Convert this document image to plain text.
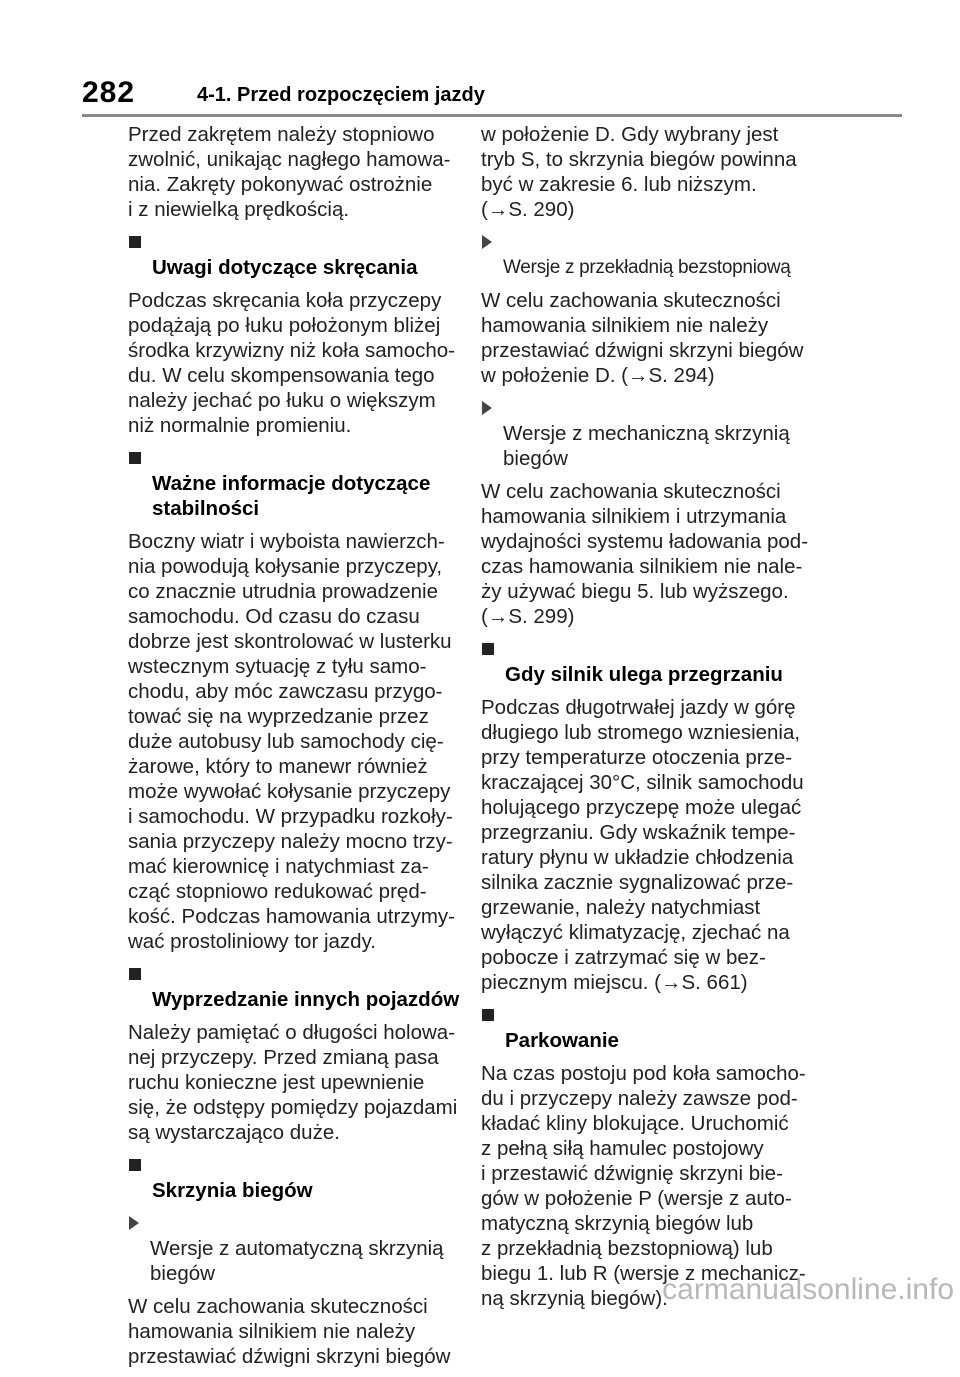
282	4-1. Przed rozpoczęciem jazdy

Przed zakrętem należy stopniowo
zwolnić, unikając nagłego hamowa-
nia. Zakręty pokonywać ostrożnie
i z niewielką prędkością.

Uwagi dotyczące skręcania

Podczas skręcania koła przyczepy
podążają po łuku położonym bliżej
środka krzywizny niż koła samocho-
du. W celu skompensowania tego
należy jechać po łuku o większym
niż normalnie promieniu.

Ważne informacje dotyczące
stabilności

Boczny wiatr i wyboista nawierzch-
nia powodują kołysanie przyczepy,
co znacznie utrudnia prowadzenie
samochodu. Od czasu do czasu
dobrze jest skontrolować w lusterku
wstecznym sytuację z tyłu samo-
chodu, aby móc zawczasu przygo-
tować się na wyprzedzanie przez
duże autobusy lub samochody cię-
żarowe, który to manewr również
może wywołać kołysanie przyczepy
i samochodu. W przypadku rozkoły-
sania przyczepy należy mocno trzy-
mać kierownicę i natychmiast za-
cząć stopniowo redukować pręd-
kość. Podczas hamowania utrzymy-
wać prostoliniowy tor jazdy.

Wyprzedzanie innych pojazdów

Należy pamiętać o długości holowa-
nej przyczepy. Przed zmianą pasa
ruchu konieczne jest upewnienie
się, że odstępy pomiędzy pojazdami
są wystarczająco duże.

Skrzynia biegów

Wersje z automatyczną skrzynią
biegów

W celu zachowania skuteczności
hamowania silnikiem nie należy
przestawiać dźwigni skrzyni biegów

w położenie D. Gdy wybrany jest
tryb S, to skrzynia biegów powinna
być w zakresie 6. lub niższym.
(→S. 290)

Wersje z przekładnią bezstopniową

W celu zachowania skuteczności
hamowania silnikiem nie należy
przestawiać dźwigni skrzyni biegów
w położenie D. (→S. 294)

Wersje z mechaniczną skrzynią
biegów

W celu zachowania skuteczności
hamowania silnikiem i utrzymania
wydajności systemu ładowania pod-
czas hamowania silnikiem nie nale-
ży używać biegu 5. lub wyższego.
(→S. 299)

Gdy silnik ulega przegrzaniu

Podczas długotrwałej jazdy w górę
długiego lub stromego wzniesienia,
przy temperaturze otoczenia prze-
kraczającej 30°C, silnik samochodu
holującego przyczepę może ulegać
przegrzaniu. Gdy wskaźnik tempe-
ratury płynu w układzie chłodzenia
silnika zacznie sygnalizować prze-
grzewanie, należy natychmiast
wyłączyć klimatyzację, zjechać na
pobocze i zatrzymać się w bez-
piecznym miejscu. (→S. 661)

Parkowanie

Na czas postoju pod koła samocho-
du i przyczepy należy zawsze pod-
kładać kliny blokujące. Uruchomić
z pełną siłą hamulec postojowy
i przestawić dźwignię skrzyni bie-
gów w położenie P (wersje z auto-
matyczną skrzynią biegów lub
z przekładnią bezstopniową) lub
biegu 1. lub R (wersje z mechanicz-
ną skrzynią biegów).

carmanualsonline.info
